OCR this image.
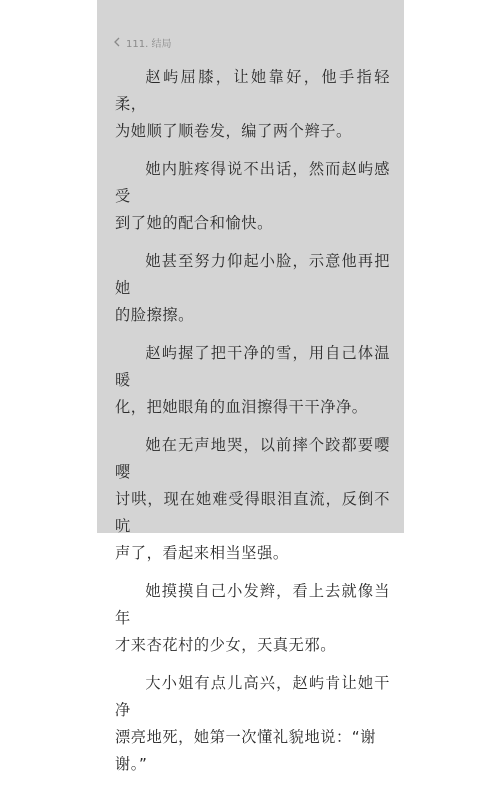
111. 结局

赵屿屈膝，让她靠好，他手指轻柔，
为她顺了顺卷发，编了两个辫子。

她内脏疼得说不出话，然而赵屿感受
到了她的配合和愉快。

她甚至努力仰起小脸，示意他再把她
的脸擦擦。

赵屿握了把干净的雪，用自己体温暖
化，把她眼角的血泪擦得干干净净。

她在无声地哭，以前摔个跤都要嘤嘤
讨哄，现在她难受得眼泪直流，反倒不吭
声了，看起来相当坚强。

她摸摸自己小发辫，看上去就像当年
才来杏花村的少女，天真无邪。

大小姐有点儿高兴，赵屿肯让她干净
漂亮地死，她第一次懂礼貌地说：“谢
谢。”
